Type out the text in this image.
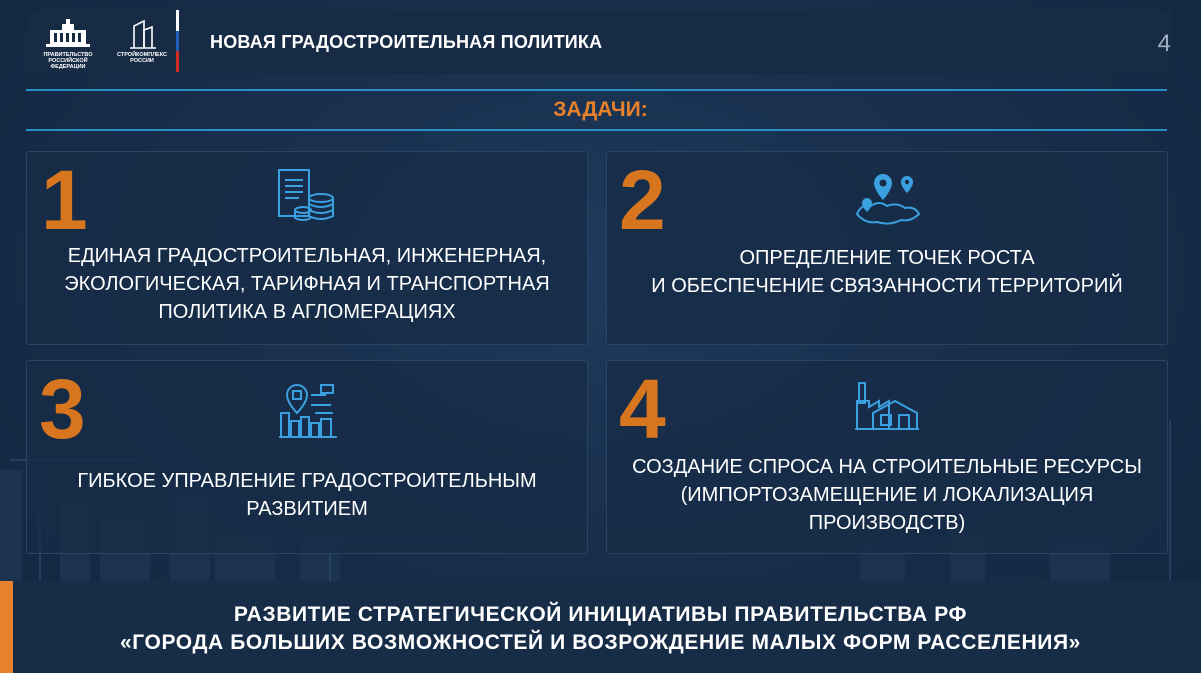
ПРАВИТЕЛЬСТВО РОССИЙСКОЙ ФЕДЕРАЦИИ
СТРОЙКОМПЛЕКС РОССИИ
НОВАЯ ГРАДОСТРОИТЕЛЬНАЯ ПОЛИТИКА	4
ЗАДАЧИ:
1
ЕДИНАЯ ГРАДОСТРОИТЕЛЬНАЯ, ИНЖЕНЕРНАЯ,
ЭКОЛОГИЧЕСКАЯ, ТАРИФНАЯ И ТРАНСПОРТНАЯ
ПОЛИТИКА В АГЛОМЕРАЦИЯХ
2
ОПРЕДЕЛЕНИЕ ТОЧЕК РОСТА
И ОБЕСПЕЧЕНИЕ СВЯЗАННОСТИ ТЕРРИТОРИЙ
3
ГИБКОЕ УПРАВЛЕНИЕ ГРАДОСТРОИТЕЛЬНЫМ
РАЗВИТИЕМ
4
СОЗДАНИЕ СПРОСА НА СТРОИТЕЛЬНЫЕ РЕСУРСЫ
(ИМПОРТОЗАМЕЩЕНИЕ И ЛОКАЛИЗАЦИЯ
ПРОИЗВОДСТВ)
РАЗВИТИЕ СТРАТЕГИЧЕСКОЙ ИНИЦИАТИВЫ ПРАВИТЕЛЬСТВА РФ
«ГОРОДА БОЛЬШИХ ВОЗМОЖНОСТЕЙ И ВОЗРОЖДЕНИЕ МАЛЫХ ФОРМ РАССЕЛЕНИЯ»
